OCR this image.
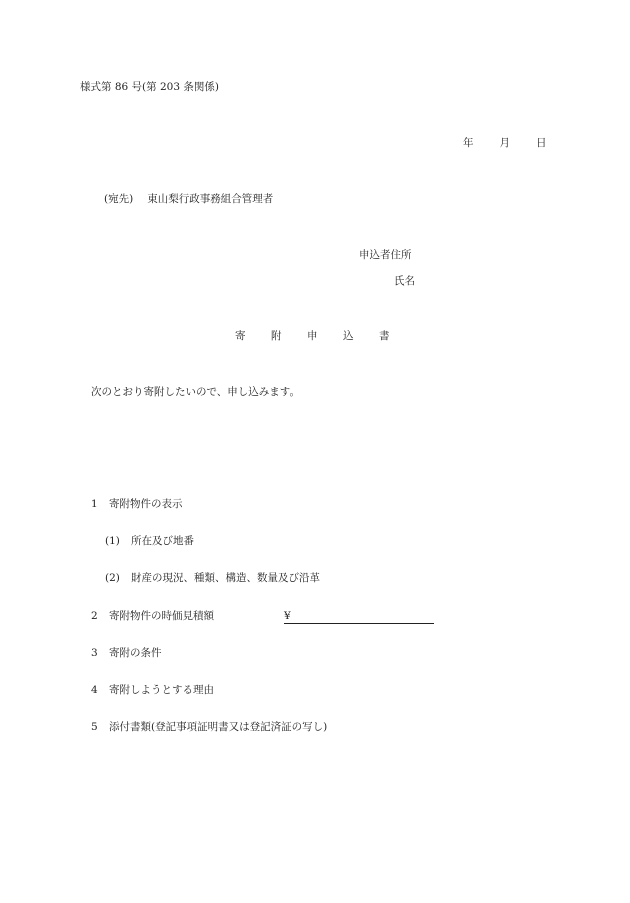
様式第 86 号(第 203 条関係)
年 月 日
(宛先) 東山梨行政事務組合管理者
申込者住所
氏名
寄 附 申 込 書
次のとおり寄附したいので、申し込みます。
1 寄附物件の表示
(1) 所在及び地番
(2) 財産の現況、種類、構造、数量及び沿革
2 寄附物件の時価見積額	¥
3 寄附の条件
4 寄附しようとする理由
5 添付書類(登記事項証明書又は登記済証の写し)
